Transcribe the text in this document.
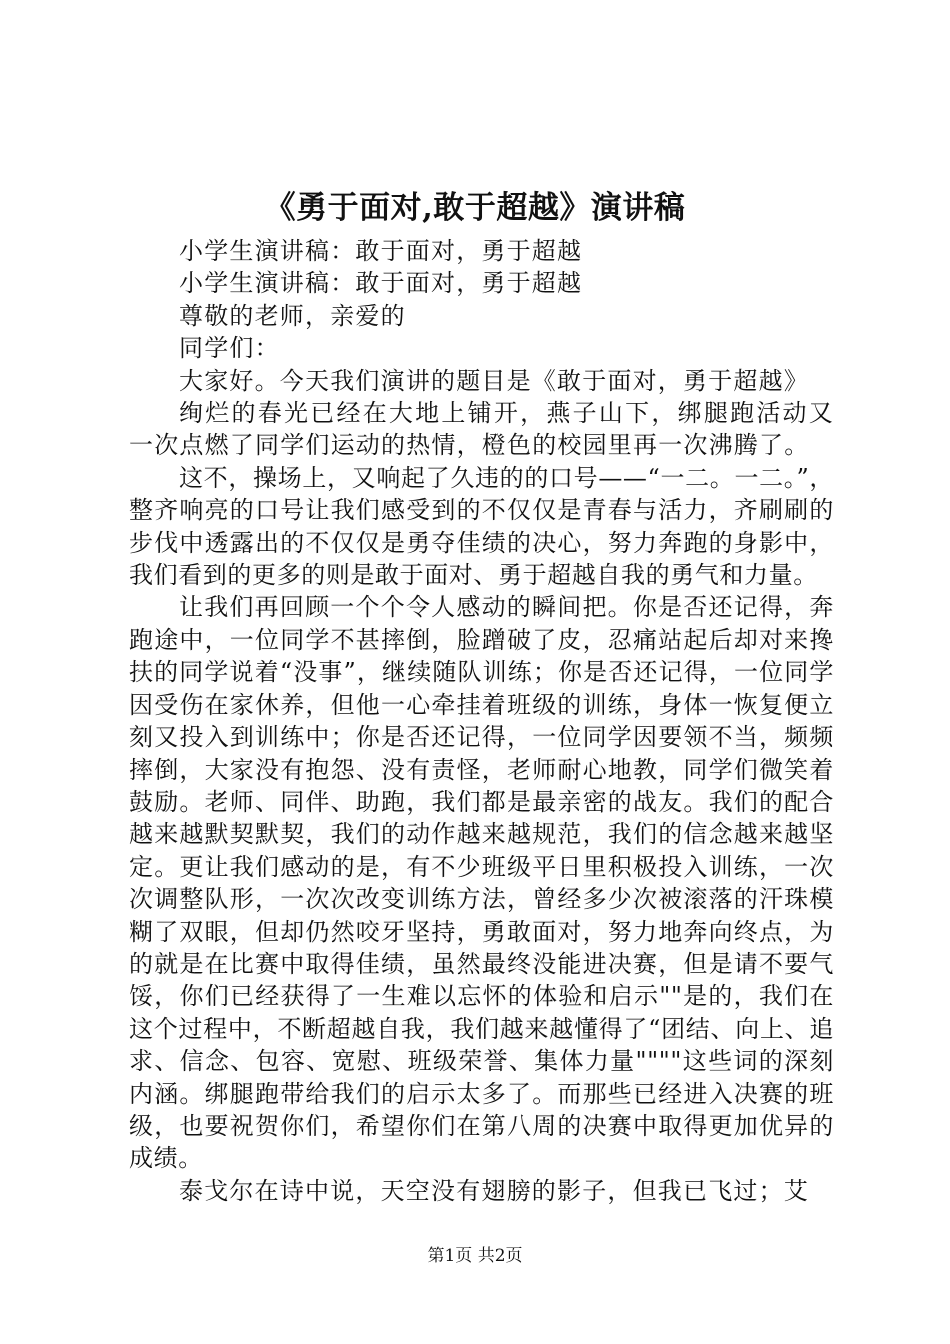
《勇于面对,敢于超越》演讲稿

小学生演讲稿：敢于面对，勇于超越

小学生演讲稿：敢于面对，勇于超越

尊敬的老师，亲爱的

同学们：

大家好。今天我们演讲的题目是《敢于面对，勇于超越》

绚烂的春光已经在大地上铺开，燕子山下，绑腿跑活动又一次点燃了同学们运动的热情，橙色的校园里再一次沸腾了。

这不，操场上，又响起了久违的的口号——“一二。一二。”，整齐响亮的口号让我们感受到的不仅仅是青春与活力，齐刷刷的步伐中透露出的不仅仅是勇夺佳绩的决心，努力奔跑的身影中，我们看到的更多的则是敢于面对、勇于超越自我的勇气和力量。

让我们再回顾一个个令人感动的瞬间把。你是否还记得，奔跑途中，一位同学不甚摔倒，脸蹭破了皮，忍痛站起后却对来搀扶的同学说着“没事”，继续随队训练；你是否还记得，一位同学因受伤在家休养，但他一心牵挂着班级的训练，身体一恢复便立刻又投入到训练中；你是否还记得，一位同学因要领不当，频频摔倒，大家没有抱怨、没有责怪，老师耐心地教，同学们微笑着鼓励。老师、同伴、助跑，我们都是最亲密的战友。我们的配合越来越默契默契，我们的动作越来越规范，我们的信念越来越坚定。更让我们感动的是，有不少班级平日里积极投入训练，一次次调整队形，一次次改变训练方法，曾经多少次被滚落的汗珠模糊了双眼，但却仍然咬牙坚持，勇敢面对，努力地奔向终点，为的就是在比赛中取得佳绩，虽然最终没能进决赛，但是请不要气馁，你们已经获得了一生难以忘怀的体验和启示""是的，我们在这个过程中，不断超越自我，我们越来越懂得了“团结、向上、追求、信念、包容、宽慰、班级荣誉、集体力量""""这些词的深刻内涵。绑腿跑带给我们的启示太多了。而那些已经进入决赛的班级，也要祝贺你们，希望你们在第八周的决赛中取得更加优异的成绩。

泰戈尔在诗中说，天空没有翅膀的影子，但我已飞过；艾

第1页 共2页
